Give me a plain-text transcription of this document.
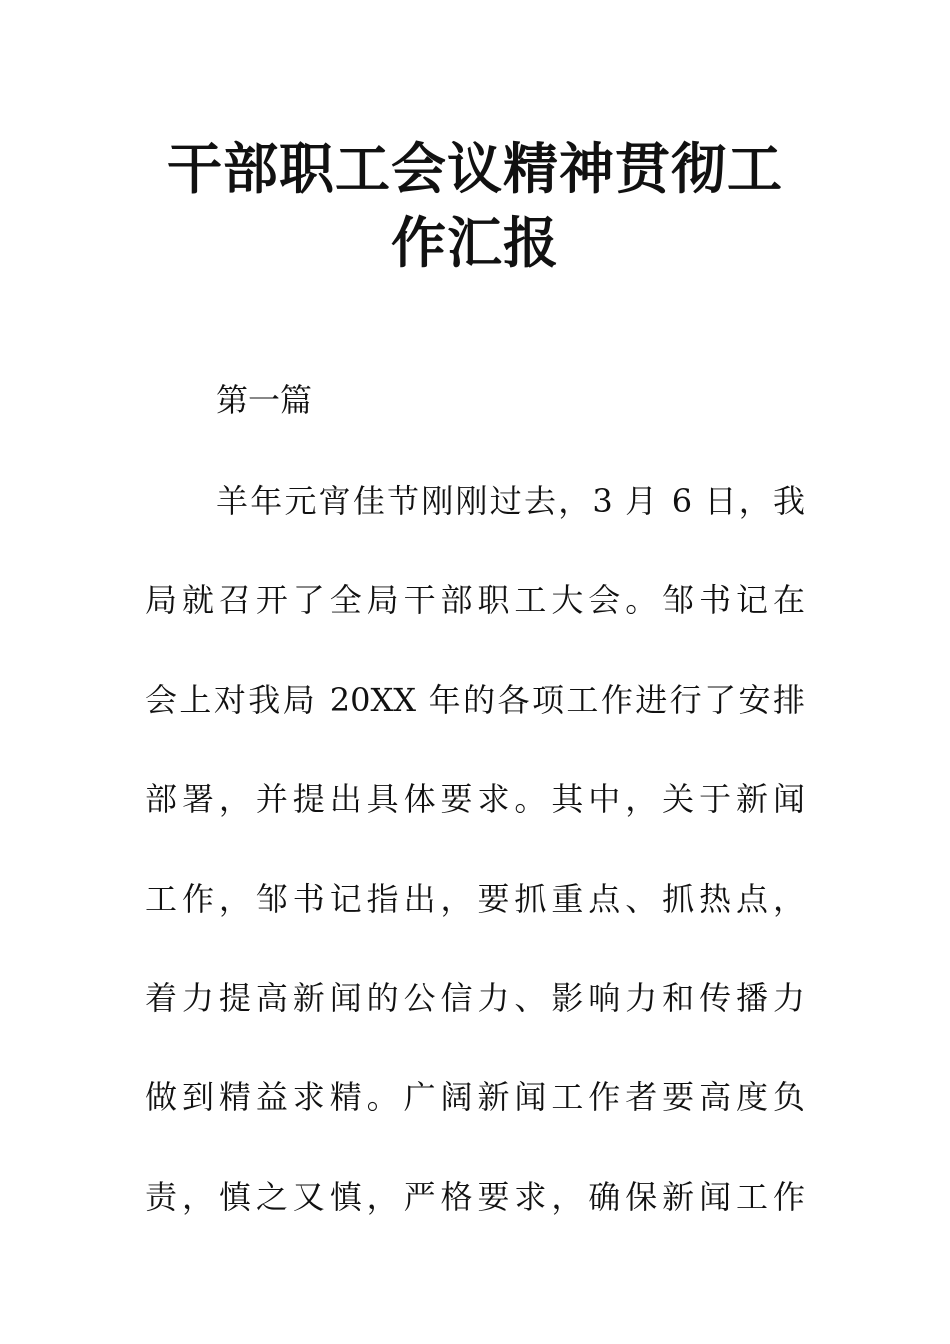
干部职工会议精神贯彻工
作汇报

第一篇

羊年元宵佳节刚刚过去，3 月 6 日，我

局就召开了全局干部职工大会。邹书记在

会上对我局 20XX 年的各项工作进行了安排

部署，并提出具体要求。其中，关于新闻

工作，邹书记指出，要抓重点、抓热点，

着力提高新闻的公信力、影响力和传播力

做到精益求精。广阔新闻工作者要高度负

责，慎之又慎，严格要求，确保新闻工作
